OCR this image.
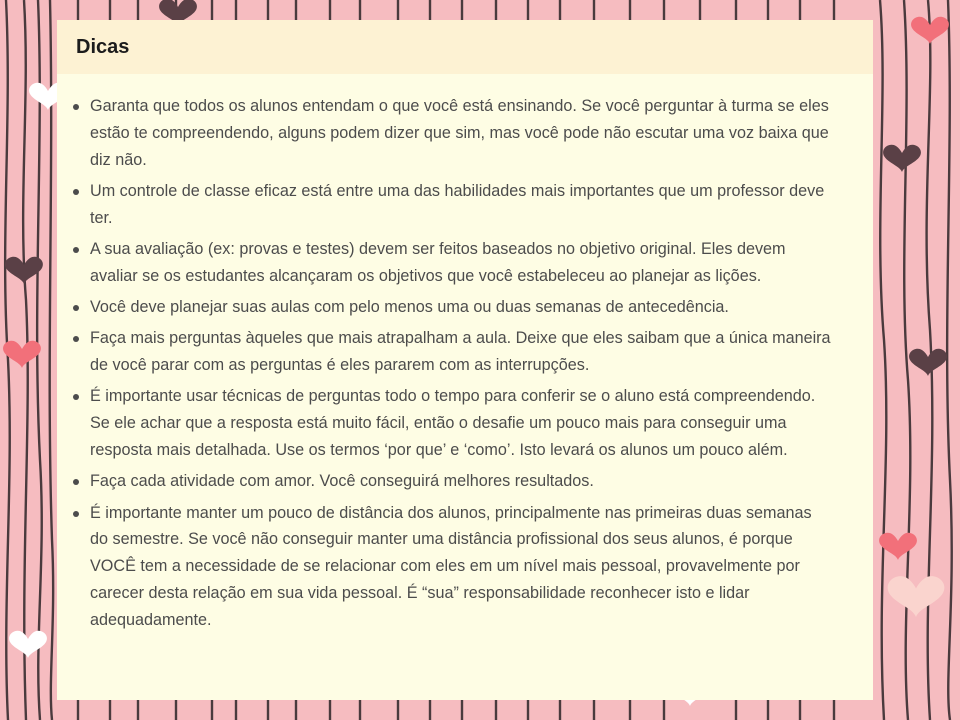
Dicas
Garanta que todos os alunos entendam o que você está ensinando. Se você perguntar à turma se eles estão te compreendendo, alguns podem dizer que sim, mas você pode não escutar uma voz baixa que diz não.
Um controle de classe eficaz está entre uma das habilidades mais importantes que um professor deve ter.
A sua avaliação (ex: provas e testes) devem ser feitos baseados no objetivo original. Eles devem avaliar se os estudantes alcançaram os objetivos que você estabeleceu ao planejar as lições.
Você deve planejar suas aulas com pelo menos uma ou duas semanas de antecedência.
Faça mais perguntas àqueles que mais atrapalham a aula. Deixe que eles saibam que a única maneira de você parar com as perguntas é eles pararem com as interrupções.
É importante usar técnicas de perguntas todo o tempo para conferir se o aluno está compreendendo. Se ele achar que a resposta está muito fácil, então o desafie um pouco mais para conseguir uma resposta mais detalhada. Use os termos ‘por que’ e ‘como’. Isto levará os alunos um pouco além.
Faça cada atividade com amor. Você conseguirá melhores resultados.
É importante manter um pouco de distância dos alunos, principalmente nas primeiras duas semanas do semestre. Se você não conseguir manter uma distância profissional dos seus alunos, é porque VOCÊ tem a necessidade de se relacionar com eles em um nível mais pessoal, provavelmente por carecer desta relação em sua vida pessoal. É “sua” responsabilidade reconhecer isto e lidar adequadamente.
